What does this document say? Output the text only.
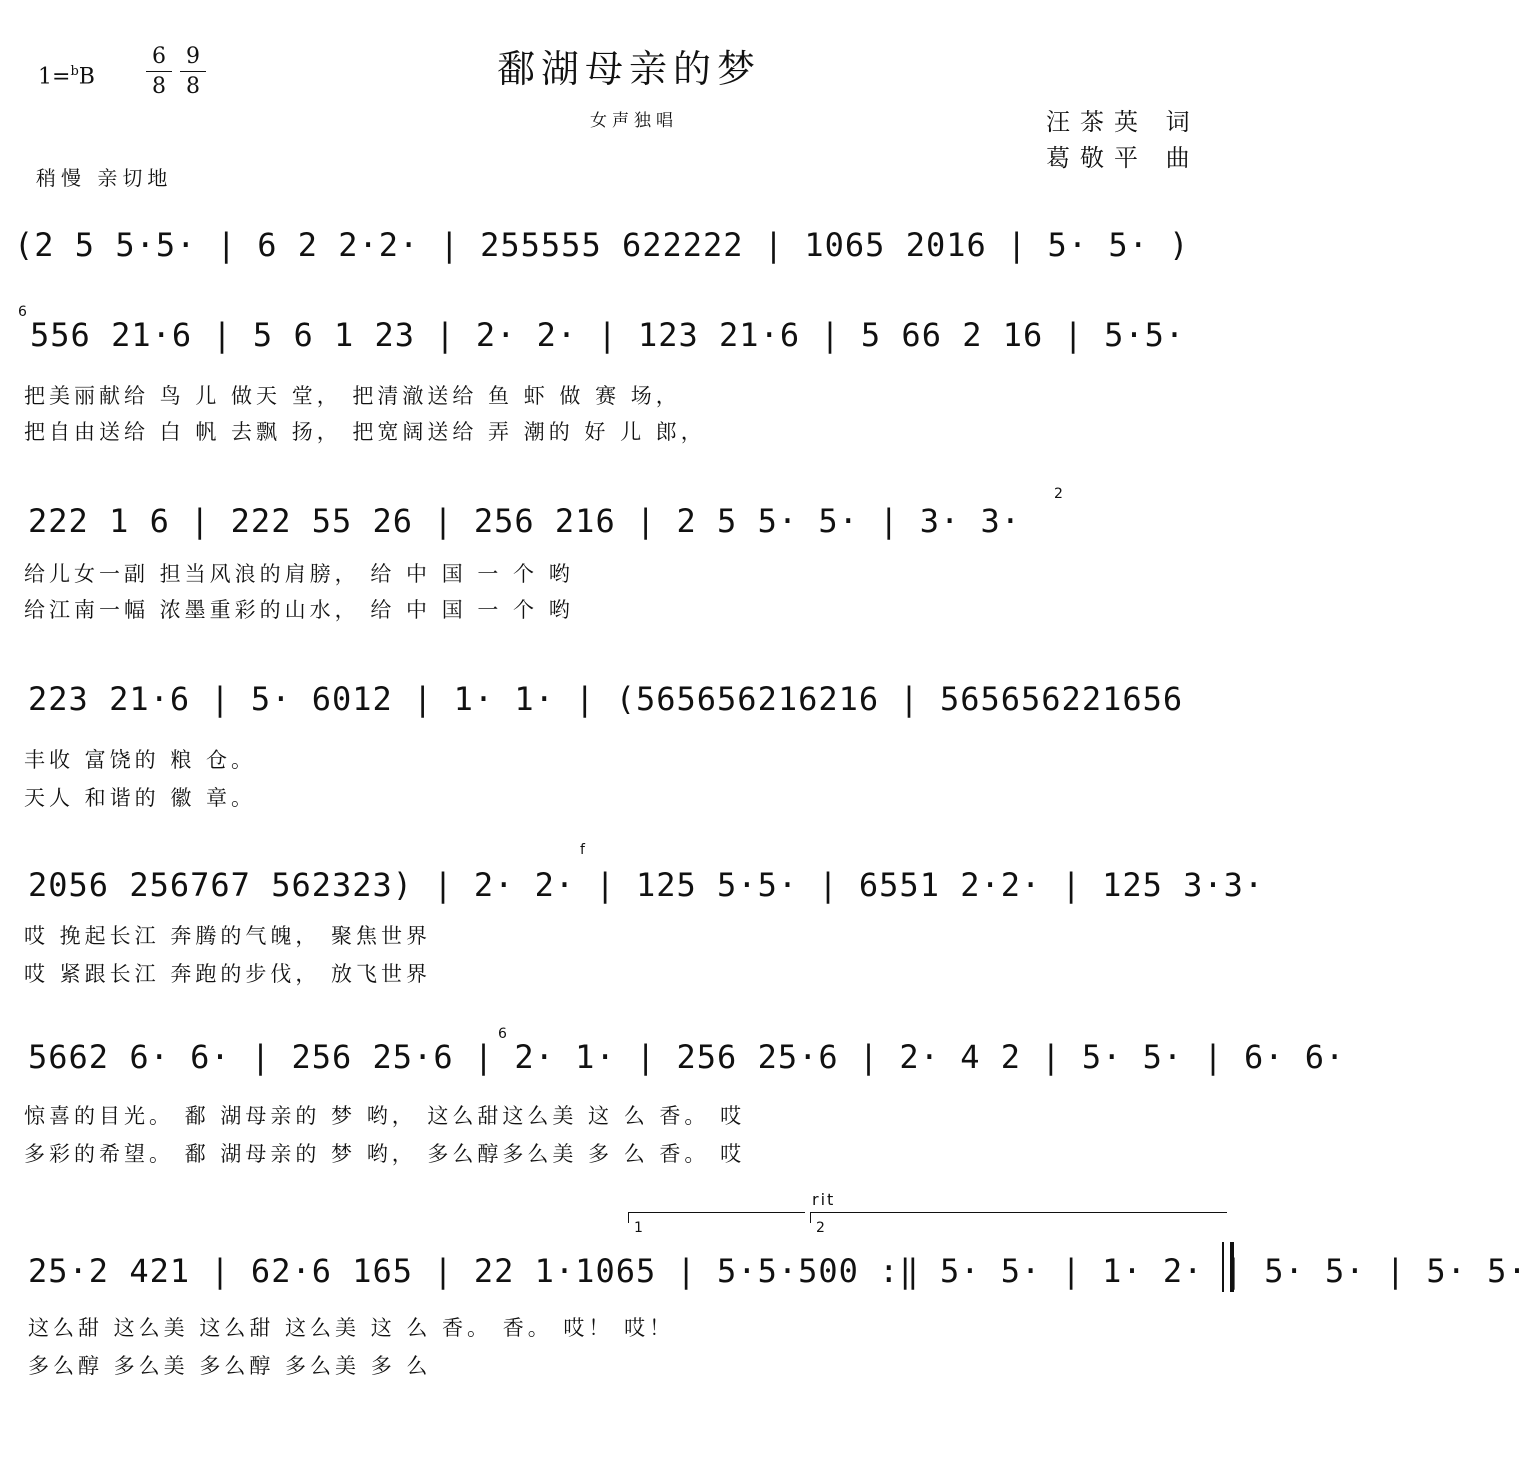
鄱湖母亲的梦
1=$^b$B
6
8
9
8
女声独唱	汪茶英 词
葛敬平 曲
稍慢 亲切地
(2 5 5·5· | 6 2 2·2· | 255555 622222 | 1065 2016 | 5· 5· )
6
556 21·6 | 5 6 1 23 | 2· 2· | 123 21·6 | 5 66 2 16 | 5·5·
把美丽献给 鸟 儿 做天 堂， 把清澈送给 鱼 虾 做 赛 场，
把自由送给 白 帆 去飘 扬， 把宽阔送给 弄 潮的 好 儿 郎，
2
222 1 6 | 222 55 26 | 256 216 | 2 5 5· 5· | 3· 3·
给儿女一副 担当风浪的肩膀， 给 中 国 一 个 哟
给江南一幅 浓墨重彩的山水， 给 中 国 一 个 哟
223 21·6 | 5· 6012 | 1· 1· | (565656216216 | 565656221656
丰收 富饶的 粮 仓。
天人 和谐的 徽 章。
f
2056 256767 562323) | 2· 2· | 125 5·5· | 6551 2·2· | 125 3·3·
哎 挽起长江 奔腾的气魄， 聚焦世界
哎 紧跟长江 奔跑的步伐， 放飞世界
6
5662 6· 6· | 256 25·6 | 2· 1· | 256 25·6 | 2· 4 2 | 5· 5· | 6· 6·
惊喜的目光。 鄱 湖母亲的 梦 哟， 这么甜这么美 这 么 香。 哎
多彩的希望。 鄱 湖母亲的 梦 哟， 多么醇多么美 多 么 香。 哎
rit
1	2
25·2 421 | 62·6 165 | 22 1·1065 | 5·5·500 :‖ 5· 5· | 1· 2· | 5· 5· | 5· 5·
这么甜 这么美 这么甜 这么美 这 么 香。 香。 哎！ 哎！
多么醇 多么美 多么醇 多么美 多 么
